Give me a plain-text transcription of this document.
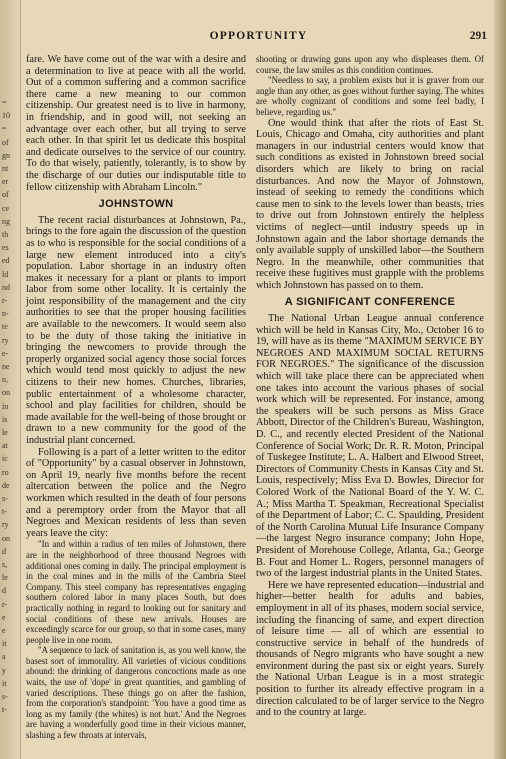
=
10
=
of
gn
nt
er
of
ce
ng
th
es
ed
ld
nd
r-
n-
te
ry
e-
ne
n,
on
in
is
le
at
ic
ro
de
s-
t-
ry
on
d
s,
le
d
r-
e
e
it
a
y
it
s-
t-
OPPORTUNITY	291

fare. We have come out of the war with a desire and a determination to live at peace with all the world. Out of a common suffering and a common sacrifice there came a new meaning to our common citizenship. Our greatest need is to live in harmony, in friendship, and in good will, not seeking an advantage over each other, but all trying to serve each other. In that spirit let us dedicate this hospital and dedicate ourselves to the service of our country. To do that wisely, patiently, tolerantly, is to show by the discharge of our duties our indisputable title to fellow citizenship with Abraham Lincoln."

JOHNSTOWN

The recent racial disturbances at Johnstown, Pa., brings to the fore again the discussion of the question as to who is responsible for the social conditions of a large new element introduced into a city's population. Labor shortage in an industry often makes it necessary for a plant or plants to import labor from some other locality. It is certainly the joint responsibility of the management and the city authorities to see that the proper housing facilities are available to the newcomers. It would seem also to be the duty of those taking the initiative in bringing the newcomers to provide through the properly organized social agency those social forces which would tend most quickly to adjust the new citizens to their new homes. Churches, libraries, public entertainment of a wholesome character, school and play facilities for children, should be made available for the well-being of those brought or drawn to a new community for the good of the industrial plant concerned.

Following is a part of a letter written to the editor of "Opportunity" by a casual observer in Johnstown, on April 19, nearly five months before the recent altercation between the police and the Negro workmen which resulted in the death of four persons and a peremptory order from the Mayor that all Negroes and Mexican residents of less than seven years leave the city:

"In and within a radius of ten miles of Johnstown, there are in the neighborhood of three thousand Negroes with additional ones coming in daily. The principal employment is in the coal mines and in the mills of the Cambria Steel Company. This steel company has representatives engaging southern colored labor in many places South, but does practically nothing in regard to looking out for sanitary and social conditions of these new arrivals. Houses are exceedingly scarce for our group, so that in some cases, many people live in one room.

"A sequence to lack of sanitation is, as you well know, the basest sort of immorality. All varieties of vicious conditions abound: the drinking of dangerous concoctions made as one waits, the use of 'dope' in great quantities, and gambling of varied descriptions. These things go on after the fashion, from the corporation's standpoint: 'You have a good time as long as my family (the whites) is not hurt.' And the Negroes are having a wonderfully good time in their vicious manner, slashing a few throats at intervals,

shooting or drawing guns upon any who displeases them. Of course, the law smiles as this condition continues.

"Needless to say, a problem exists but it is graver from our angle than any other, as goes without further saying. The whites are wholly cognizant of conditions and some feel badly, I believe, regarding us."

One would think that after the riots of East St. Louis, Chicago and Omaha, city authorities and plant managers in our industrial centers would know that such conditions as existed in Johnstown breed social disorders which are likely to bring on racial disturbances. And now the Mayor of Johnstown, instead of seeking to remedy the conditions which cause men to sink to the levels lower than beasts, tries to drive out from Johnstown entirely the helpless victims of neglect—until industry speeds up in Johnstown again and the labor shortage demands the only available supply of unskilled labor—the Southern Negro. In the meanwhile, other communities that receive these fugitives must grapple with the problems which Johnstown has passed on to them.

A SIGNIFICANT CONFERENCE

The National Urban League annual conference which will be held in Kansas City, Mo., October 16 to 19, will have as its theme "MAXIMUM SERVICE BY NEGROES AND MAXIMUM SOCIAL RETURNS FOR NEGROES." The significance of the discussion which will take place there can be appreciated when one takes into account the various phases of social work which will be represented. For instance, among the speakers will be such persons as Miss Grace Abbott, Director of the Children's Bureau, Washington, D. C., and recently elected President of the National Conference of Social Work; Dr. R. R. Moton, Principal of Tuskegee Institute; L. A. Halbert and Elwood Street, Directors of Community Chests in Kansas City and St. Louis, respectively; Miss Eva D. Bowles, Director for Colored Work of the National Board of the Y. W. C. A.; Miss Martha T. Speakman, Recreational Specialist of the Department of Labor; C. C. Spaulding, President of the North Carolina Mutual Life Insurance Company—the largest Negro insurance company; John Hope, President of Morehouse College, Atlanta, Ga.; George B. Fout and Homer L. Rogers, personnel managers of two of the largest industrial plants in the United States.

Here we have represented education—industrial and higher—better health for adults and babies, employment in all of its phases, modern social service, including the financing of same, and expert direction of leisure time — all of which are essential to constructive service in behalf of the hundreds of thousands of Negro migrants who have sought a new environment during the past six or eight years. Surely the National Urban League is in a most strategic position to further its already effective program in a direction calculated to be of larger service to the Negro and to the country at large.
